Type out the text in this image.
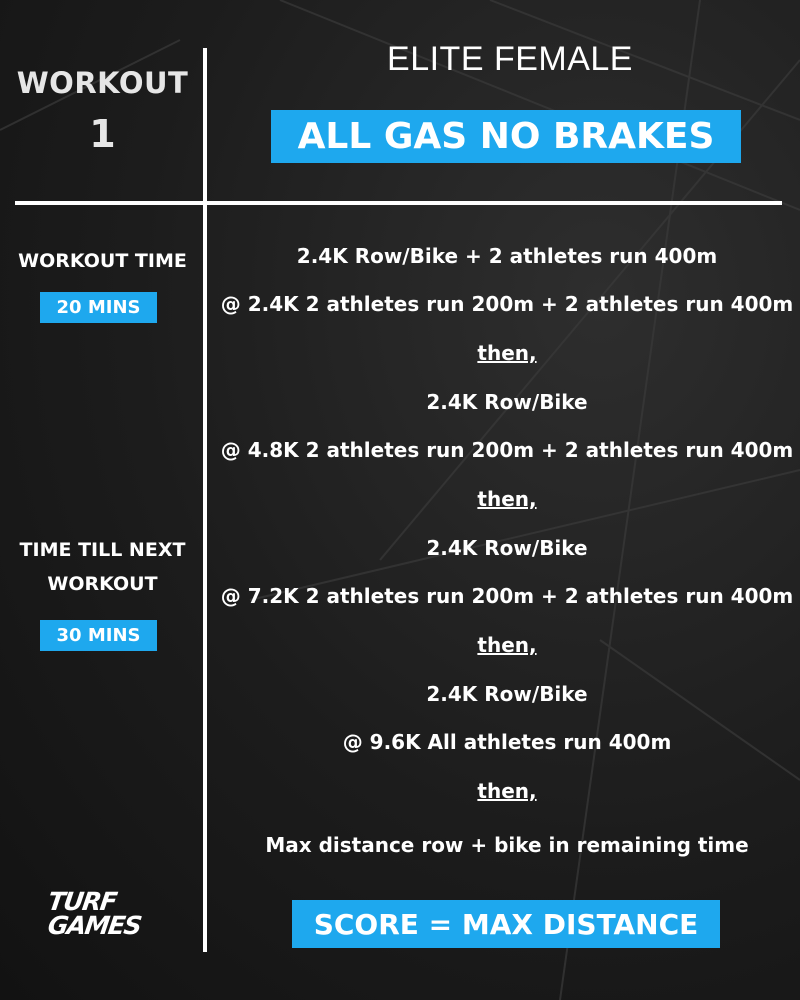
WORKOUT
1
ELITE FEMALE
ALL GAS NO BRAKES
WORKOUT TIME
20 MINS
TIME TILL NEXT
WORKOUT
30 MINS
2.4K Row/Bike + 2 athletes run 400m
@ 2.4K 2 athletes run 200m + 2 athletes run 400m
then,
2.4K Row/Bike
@ 4.8K 2 athletes run 200m + 2 athletes run 400m
then,
2.4K Row/Bike
@ 7.2K 2 athletes run 200m + 2 athletes run 400m
then,
2.4K Row/Bike
@ 9.6K All athletes run 400m
then,
Max distance row + bike in remaining time
SCORE = MAX DISTANCE
TURF
GAMES
